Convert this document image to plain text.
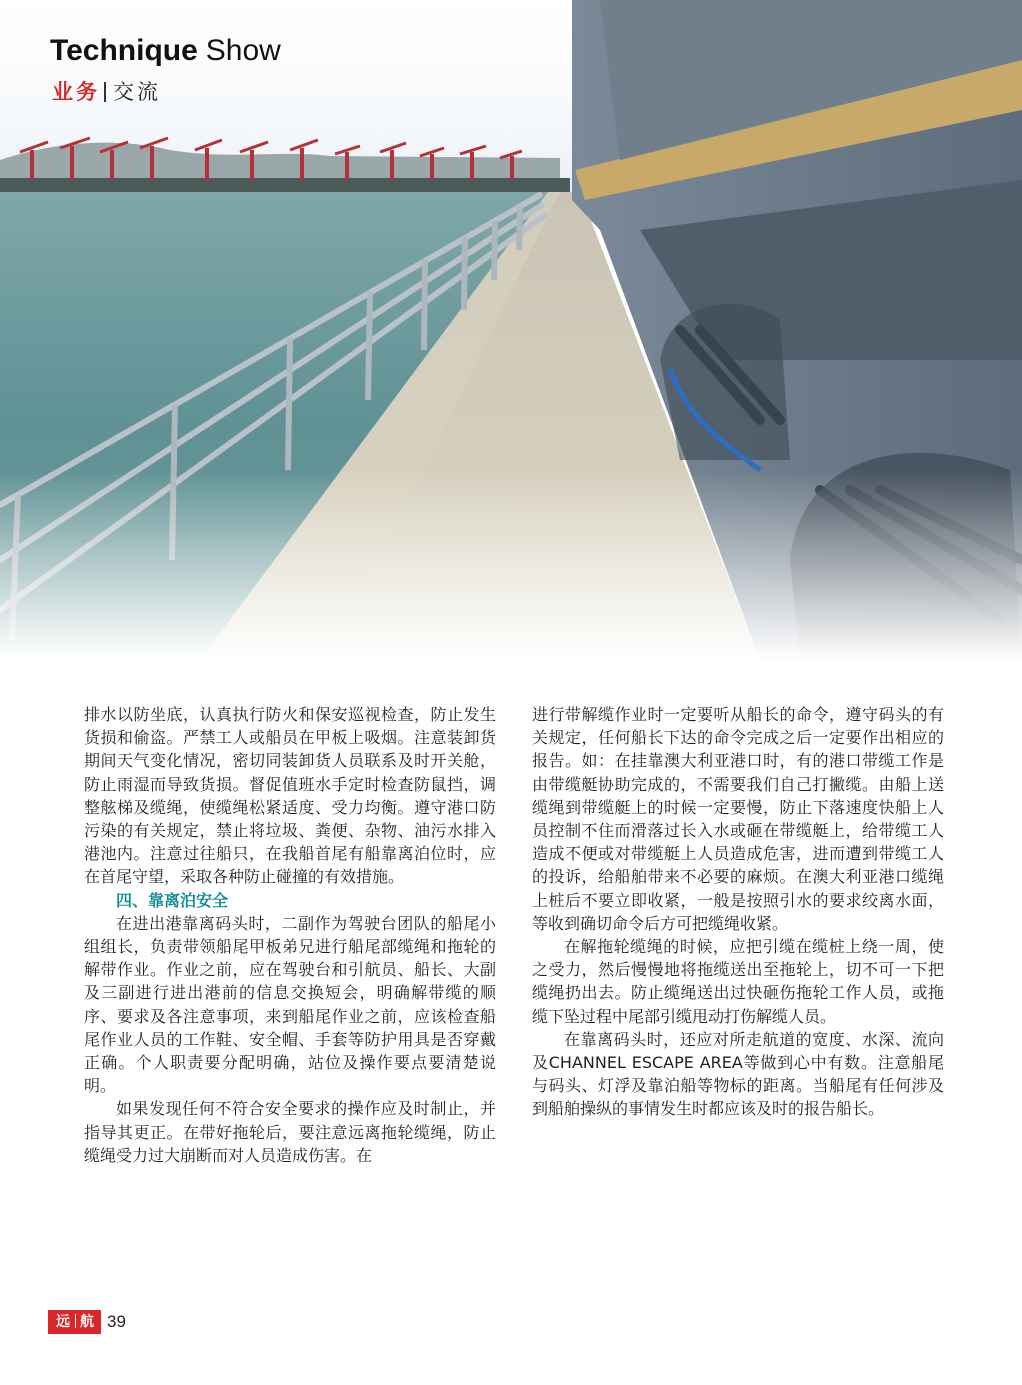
Technique Show
业务 交流

排水以防坐底，认真执行防火和保安巡视检查，防止发生货损和偷盗。严禁工人或船员在甲板上吸烟。注意装卸货期间天气变化情况，密切同装卸货人员联系及时开关舱，防止雨湿而导致货损。督促值班水手定时检查防鼠挡，调整舷梯及缆绳，使缆绳松紧适度、受力均衡。遵守港口防污染的有关规定，禁止将垃圾、粪便、杂物、油污水排入港池内。注意过往船只，在我船首尾有船靠离泊位时，应在首尾守望，采取各种防止碰撞的有效措施。

四、靠离泊安全

在进出港靠离码头时，二副作为驾驶台团队的船尾小组组长，负责带领船尾甲板弟兄进行船尾部缆绳和拖轮的解带作业。作业之前，应在驾驶台和引航员、船长、大副及三副进行进出港前的信息交换短会，明确解带缆的顺序、要求及各注意事项，来到船尾作业之前，应该检查船尾作业人员的工作鞋、安全帽、手套等防护用具是否穿戴正确。个人职责要分配明确，站位及操作要点要清楚说明。

如果发现任何不符合安全要求的操作应及时制止，并指导其更正。在带好拖轮后，要注意远离拖轮缆绳，防止缆绳受力过大崩断而对人员造成伤害。在

进行带解缆作业时一定要听从船长的命令，遵守码头的有关规定，任何船长下达的命令完成之后一定要作出相应的报告。如：在挂靠澳大利亚港口时，有的港口带缆工作是由带缆艇协助完成的，不需要我们自己打撇缆。由船上送缆绳到带缆艇上的时候一定要慢，防止下落速度快船上人员控制不住而滑落过长入水或砸在带缆艇上，给带缆工人造成不便或对带缆艇上人员造成危害，进而遭到带缆工人的投诉，给船舶带来不必要的麻烦。在澳大利亚港口缆绳上桩后不要立即收紧，一般是按照引水的要求绞离水面，等收到确切命令后方可把缆绳收紧。

在解拖轮缆绳的时候，应把引缆在缆桩上绕一周，使之受力，然后慢慢地将拖缆送出至拖轮上，切不可一下把缆绳扔出去。防止缆绳送出过快砸伤拖轮工作人员，或拖缆下坠过程中尾部引缆甩动打伤解缆人员。

在靠离码头时，还应对所走航道的宽度、水深、流向及CHANNEL ESCAPE AREA等做到心中有数。注意船尾与码头、灯浮及靠泊船等物标的距离。当船尾有任何涉及到船舶操纵的事情发生时都应该及时的报告船长。

远 航 39
